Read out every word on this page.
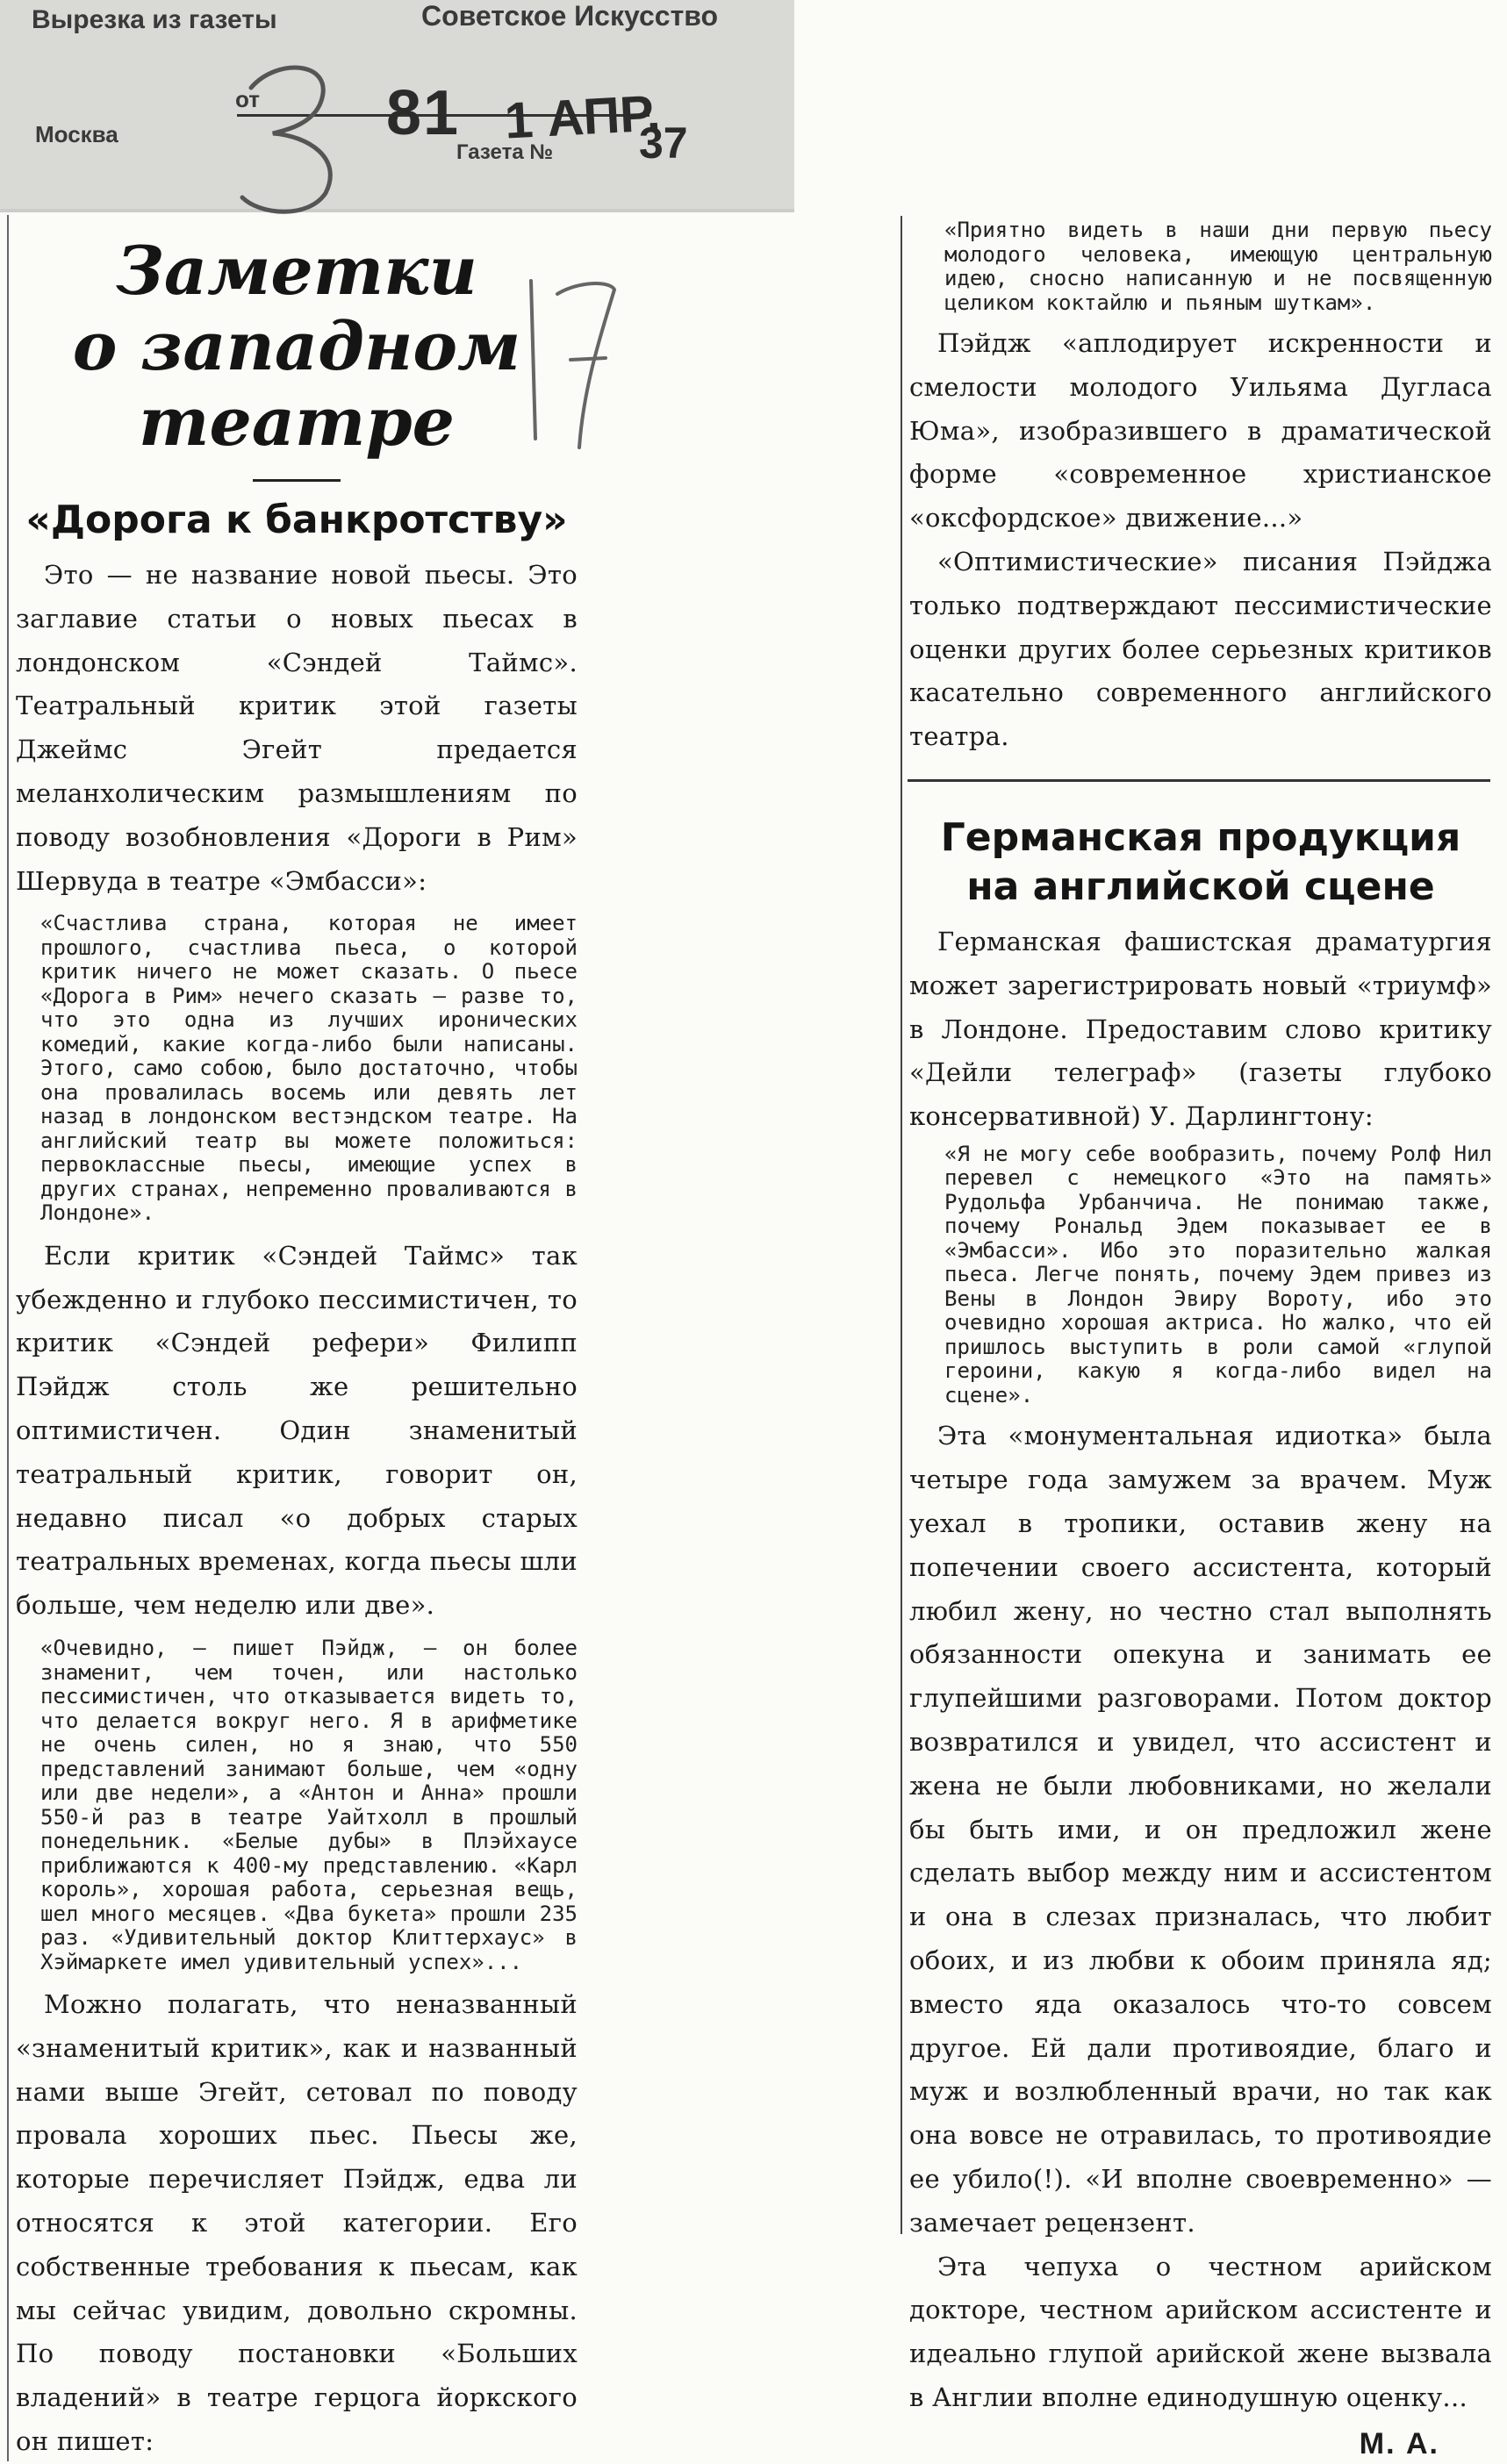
Вырезка из газеты	Советское Искусство
от
Москва	81 1 АПР.
Газета № 37
Заметки
о западном
театре
«Дорога к банкротству»

Это — не название новой пьесы. Это заглавие статьи о новых пьесах в лондонском «Сэндей Таймс». Театральный критик этой газеты Джеймс Эгейт предается меланхолическим размышлениям по поводу возобновления «Дороги в Рим» Шервуда в театре «Эмбасси»:

«Счастлива страна, которая не имеет прошлого, счастлива пьеса, о которой критик ничего не может сказать. О пьесе «Дорога в Рим» нечего сказать — разве то, что это одна из лучших иронических комедий, какие когда-либо были написаны. Этого, само собою, было достаточно, чтобы она провалилась восемь или девять лет назад в лондонском вестэндском театре. На английский театр вы можете положиться: первоклассные пьесы, имеющие успех в других странах, непременно проваливаются в Лондоне».

Если критик «Сэндей Таймс» так убежденно и глубоко пессимистичен, то критик «Сэндей рефери» Филипп Пэйдж столь же решительно оптимистичен. Один знаменитый театральный критик, говорит он, недавно писал «о добрых старых театральных временах, когда пьесы шли больше, чем неделю или две».

«Очевидно, — пишет Пэйдж, — он более знаменит, чем точен, или настолько пессимистичен, что отказывается видеть то, что делается вокруг него. Я в арифметике не очень силен, но я знаю, что 550 представлений занимают больше, чем «одну или две недели», а «Антон и Анна» прошли 550-й раз в театре Уайтхолл в прошлый понедельник. «Белые дубы» в Плэйхаусе приближаются к 400-му представлению. «Карл король», хорошая работа, серьезная вещь, шел много месяцев. «Два букета» прошли 235 раз. «Удивительный доктор Клиттерхаус» в Хэймаркете имел удивительный успех»...

Можно полагать, что неназванный «знаменитый критик», как и названный нами выше Эгейт, сетовал по поводу провала хороших пьес. Пьесы же, которые перечисляет Пэйдж, едва ли относятся к этой категории. Его собственные требования к пьесам, как мы сейчас увидим, довольно скромны. По поводу постановки «Больших владений» в театре герцога йоркского он пишет:

«Приятно видеть в наши дни первую пьесу молодого человека, имеющую центральную идею, сносно написанную и не посвященную целиком коктайлю и пьяным шуткам».

Пэйдж «аплодирует искренности и смелости молодого Уильяма Дугласа Юма», изобразившего в драматической форме «современное христианское «оксфордское» движение...»

«Оптимистические» писания Пэйджа только подтверждают пессимистические оценки других более серьезных критиков касательно современного английского театра.

Германская продукция
на английской сцене

Германская фашистская драматургия может зарегистрировать новый «триумф» в Лондоне. Предоставим слово критику «Дейли телеграф» (газеты глубоко консервативной) У. Дарлингтону:

«Я не могу себе вообразить, почему Ролф Нил перевел с немецкого «Это на память» Рудольфа Урбанчича. Не понимаю также, почему Рональд Эдем показывает ее в «Эмбасси». Ибо это поразительно жалкая пьеса. Легче понять, почему Эдем привез из Вены в Лондон Эвиру Вороту, ибо это очевидно хорошая актриса. Но жалко, что ей пришлось выступить в роли самой «глупой героини, какую я когда-либо видел на сцене».

Эта «монументальная идиотка» была четыре года замужем за врачем. Муж уехал в тропики, оставив жену на попечении своего ассистента, который любил жену, но честно стал выполнять обязанности опекуна и занимать ее глупейшими разговорами. Потом доктор возвратился и увидел, что ассистент и жена не были любовниками, но желали бы быть ими, и он предложил жене сделать выбор между ним и ассистентом и она в слезах призналась, что любит обоих, и из любви к обоим приняла яд; вместо яда оказалось что-то совсем другое. Ей дали противоядие, благо и муж и возлюбленный врачи, но так как она вовсе не отравилась, то противоядие ее убило(!). «И вполне своевременно» — замечает рецензент.

Эта чепуха о честном арийском докторе, честном арийском ассистенте и идеально глупой арийской жене вызвала в Англии вполне единодушную оценку...

М. А.
